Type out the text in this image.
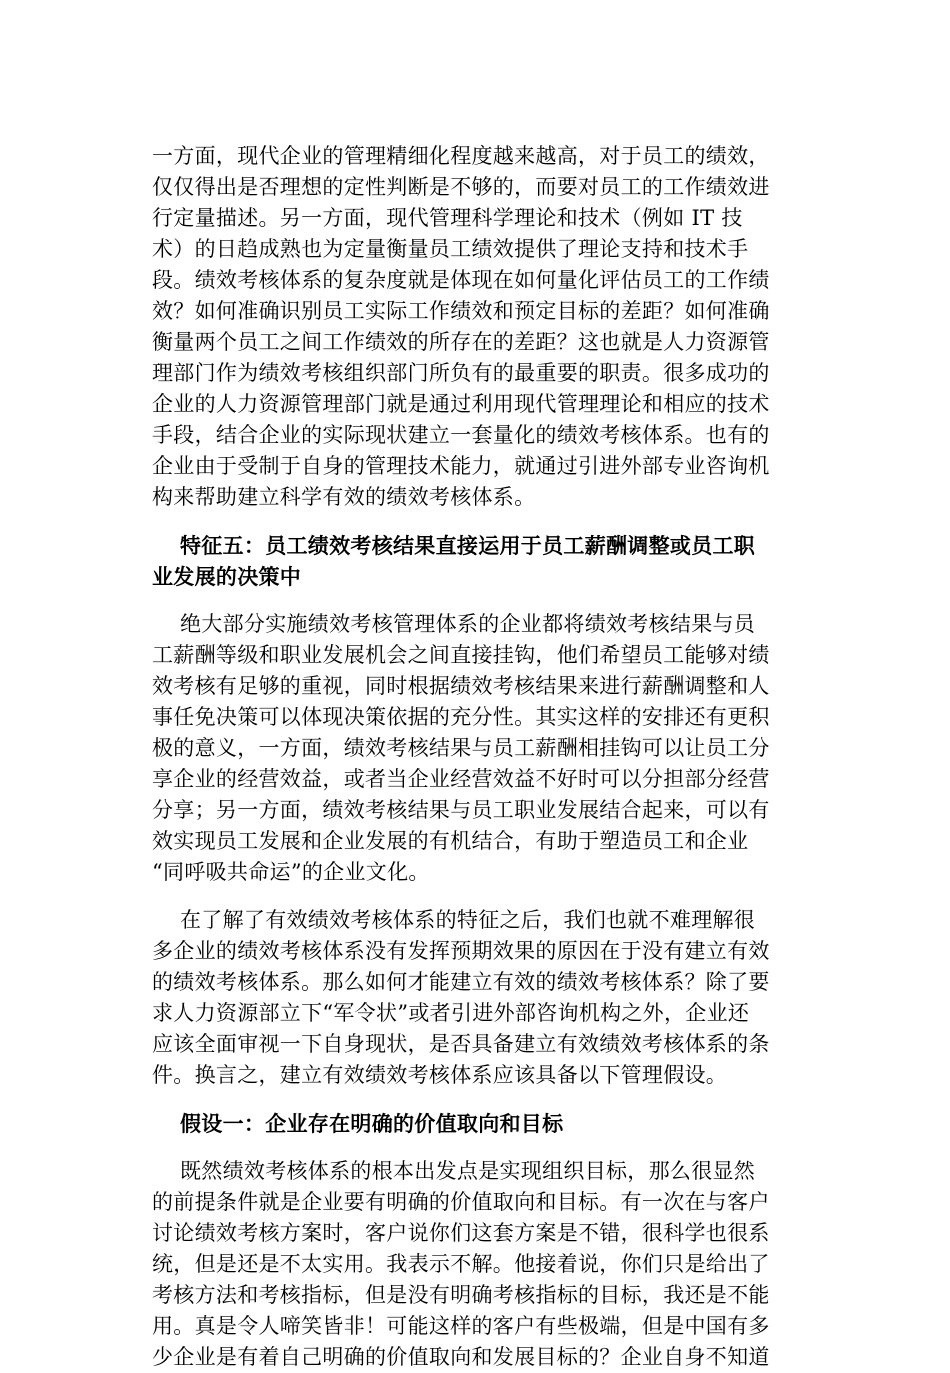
一方面，现代企业的管理精细化程度越来越高，对于员工的绩效，
仅仅得出是否理想的定性判断是不够的，而要对员工的工作绩效进
行定量描述。另一方面，现代管理科学理论和技术（例如 IT 技
术）的日趋成熟也为定量衡量员工绩效提供了理论支持和技术手
段。绩效考核体系的复杂度就是体现在如何量化评估员工的工作绩
效？如何准确识别员工实际工作绩效和预定目标的差距？如何准确
衡量两个员工之间工作绩效的所存在的差距？这也就是人力资源管
理部门作为绩效考核组织部门所负有的最重要的职责。很多成功的
企业的人力资源管理部门就是通过利用现代管理理论和相应的技术
手段，结合企业的实际现状建立一套量化的绩效考核体系。也有的
企业由于受制于自身的管理技术能力，就通过引进外部专业咨询机
构来帮助建立科学有效的绩效考核体系。
特征五：员工绩效考核结果直接运用于员工薪酬调整或员工职
业发展的决策中
绝大部分实施绩效考核管理体系的企业都将绩效考核结果与员
工薪酬等级和职业发展机会之间直接挂钩，他们希望员工能够对绩
效考核有足够的重视，同时根据绩效考核结果来进行薪酬调整和人
事任免决策可以体现决策依据的充分性。其实这样的安排还有更积
极的意义，一方面，绩效考核结果与员工薪酬相挂钩可以让员工分
享企业的经营效益，或者当企业经营效益不好时可以分担部分经营
分享；另一方面，绩效考核结果与员工职业发展结合起来，可以有
效实现员工发展和企业发展的有机结合，有助于塑造员工和企业
“同呼吸共命运”的企业文化。
在了解了有效绩效考核体系的特征之后，我们也就不难理解很
多企业的绩效考核体系没有发挥预期效果的原因在于没有建立有效
的绩效考核体系。那么如何才能建立有效的绩效考核体系？除了要
求人力资源部立下“军令状”或者引进外部咨询机构之外，企业还
应该全面审视一下自身现状，是否具备建立有效绩效考核体系的条
件。换言之，建立有效绩效考核体系应该具备以下管理假设。
假设一：企业存在明确的价值取向和目标
既然绩效考核体系的根本出发点是实现组织目标，那么很显然
的前提条件就是企业要有明确的价值取向和目标。有一次在与客户
讨论绩效考核方案时，客户说你们这套方案是不错，很科学也很系
统，但是还是不太实用。我表示不解。他接着说，你们只是给出了
考核方法和考核指标，但是没有明确考核指标的目标，我还是不能
用。真是令人啼笑皆非！可能这样的客户有些极端，但是中国有多
少企业是有着自己明确的价值取向和发展目标的？企业自身不知道
